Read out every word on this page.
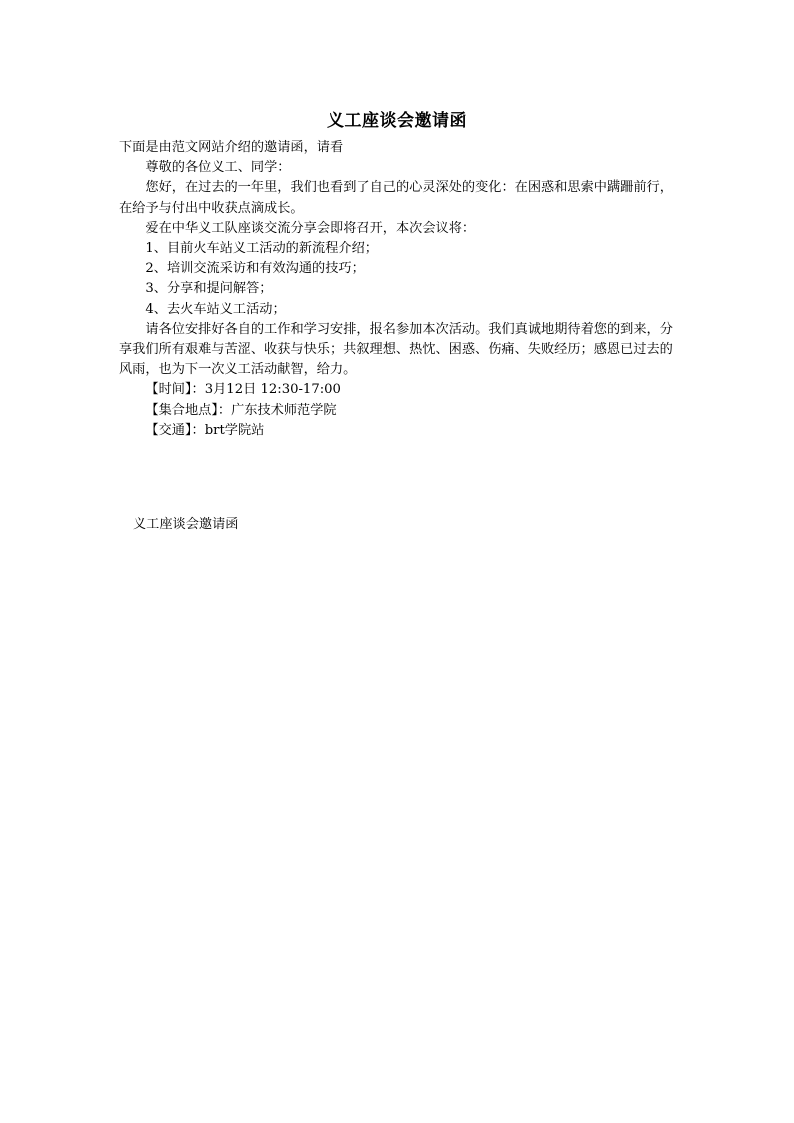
义工座谈会邀请函

下面是由范文网站介绍的邀请函，请看

尊敬的各位义工、同学：

您好，在过去的一年里，我们也看到了自己的心灵深处的变化：在困惑和思索中蹒跚前行，在给予与付出中收获点滴成长。

爱在中华义工队座谈交流分享会即将召开，本次会议将：

1、目前火车站义工活动的新流程介绍；

2、培训交流采访和有效沟通的技巧；

3、分享和提问解答；

4、去火车站义工活动；

请各位安排好各自的工作和学习安排，报名参加本次活动。我们真诚地期待着您的到来，分享我们所有艰难与苦涩、收获与快乐；共叙理想、热忱、困惑、伤痛、失败经历；感恩已过去的风雨，也为下一次义工活动献智，给力。

【时间】：3月12日 12:30-17:00

【集合地点】：广东技术师范学院

【交通】：brt学院站

义工座谈会邀请函
